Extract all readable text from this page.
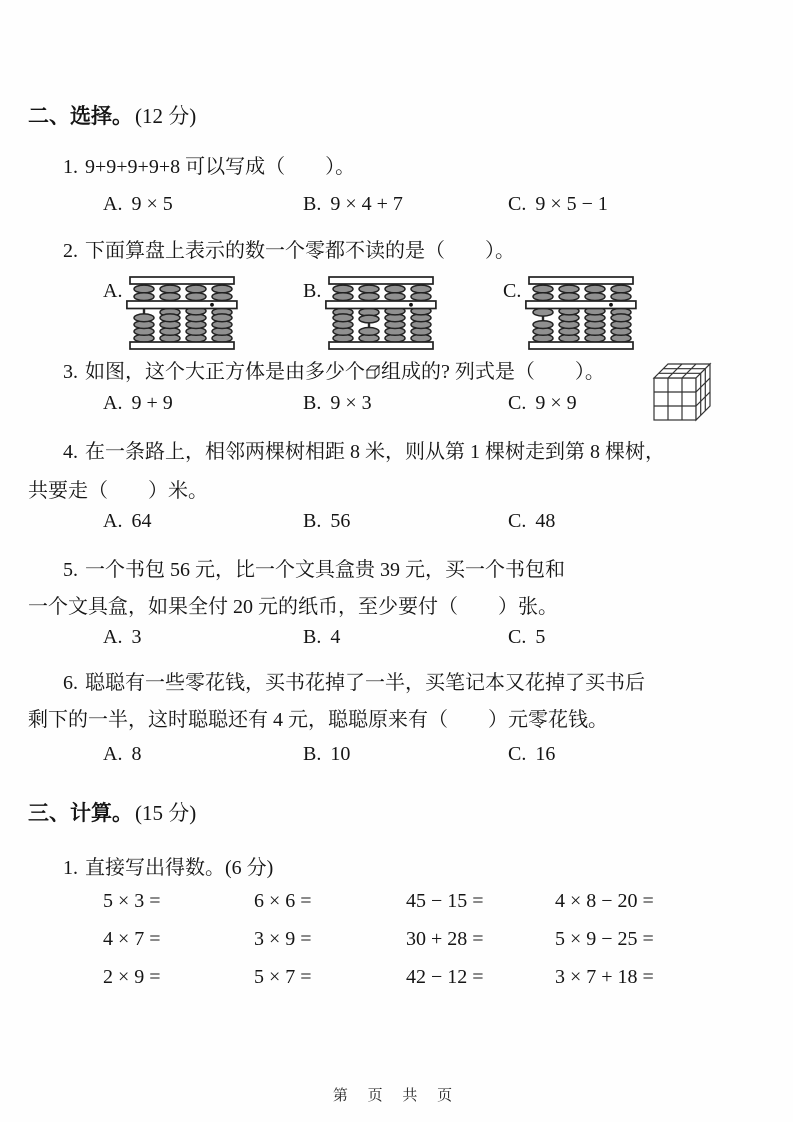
二、选择。(12 分)
1. 9+9+9+9+8 可以写成（　　）。
A. 9 × 5	B. 9 × 4 + 7	C. 9 × 5 − 1
2. 下面算盘上表示的数一个零都不读的是（　　）。
A.	B.	C.
3. 如图，这个大正方体是由多少个 组成的? 列式是（　　）。
A. 9 + 9	B. 9 × 3	C. 9 × 9
4. 在一条路上，相邻两棵树相距 8 米，则从第 1 棵树走到第 8 棵树，
共要走（　　）米。
A. 64	B. 56	C. 48
5. 一个书包 56 元，比一个文具盒贵 39 元，买一个书包和
一个文具盒，如果全付 20 元的纸币，至少要付（　　）张。
A. 3	B. 4	C. 5
6. 聪聪有一些零花钱，买书花掉了一半，买笔记本又花掉了买书后
剩下的一半，这时聪聪还有 4 元，聪聪原来有（　　）元零花钱。
A. 8	B. 10	C. 16
三、计算。(15 分)
1. 直接写出得数。(6 分)
5 × 3 =	6 × 6 =	45 − 15 =	4 × 8 − 20 =
4 × 7 =	3 × 9 =	30 + 28 =	5 × 9 − 25 =
2 × 9 =	5 × 7 =	42 − 12 =	3 × 7 + 18 =
第 页 共 页
